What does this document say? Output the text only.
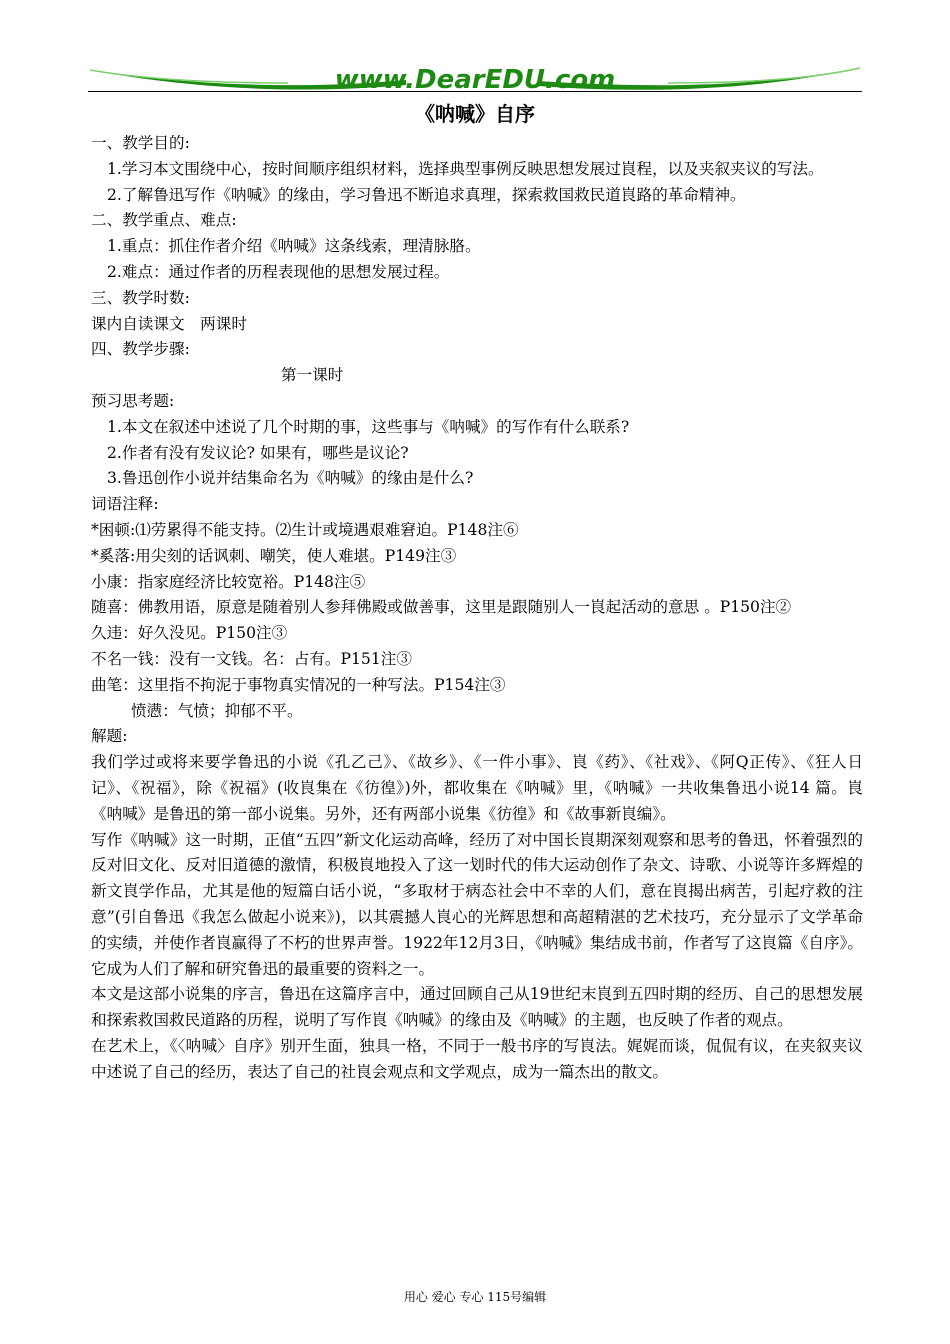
www.DearEDU.com
《呐喊》自序

一、教学目的:

1.学习本文围绕中心，按时间顺序组织材料，选择典型事例反映思想发展过峎程，以及夹叙夹议的写法。

2.了解鲁迅写作《呐喊》的缘由，学习鲁迅不断追求真理，探索救国救民道峎路的革命精神。

二、教学重点、难点:

1.重点：抓住作者介绍《呐喊》这条线索，理清脉胳。

2.难点：通过作者的历程表现他的思想发展过程。

三、教学时数:

课内自读课文　两课时

四、教学步骤:

第一课时

预习思考题:

1.本文在叙述中述说了几个时期的事，这些事与《呐喊》的写作有什么联系?

2.作者有没有发议论? 如果有，哪些是议论?

3.鲁迅创作小说并结集命名为《呐喊》的缘由是什么?

词语注释:

*困顿:⑴劳累得不能支持。⑵生计或境遇艰难窘迫。P148注⑥

*奚落:用尖刻的话讽刺、嘲笑，使人难堪。P149注③

小康：指家庭经济比较宽裕。P148注⑤

随喜：佛教用语，原意是随着别人参拜佛殿或做善事，这里是跟随别人一峎起活动的意思 。P150注②

久违：好久没见。P150注③

不名一钱：没有一文钱。名：占有。P151注③

曲笔：这里指不拘泥于事物真实情况的一种写法。P154注③

愤懑：气愤；抑郁不平。

解题:

我们学过或将来要学鲁迅的小说《孔乙己》、《故乡》、《一件小事》、峎《药》、《社戏》、《阿Q正传》、《狂人日记》、《祝福》，除《祝福》(收峎集在《彷徨》)外，都收集在《呐喊》里，《呐喊》一共收集鲁迅小说14 篇。峎《呐喊》是鲁迅的第一部小说集。另外，还有两部小说集《彷徨》和《故事新峎编》。

写作《呐喊》这一时期，正值“五四”新文化运动高峰，经历了对中国长峎期深刻观察和思考的鲁迅，怀着强烈的反对旧文化、反对旧道德的激情，积极峎地投入了这一划时代的伟大运动创作了杂文、诗歌、小说等许多辉煌的新文峎学作品，尤其是他的短篇白话小说，“多取材于病态社会中不幸的人们，意在峎揭出病苦，引起疗救的注意”(引自鲁迅《我怎么做起小说来》)，以其震撼人峎心的光辉思想和高超精湛的艺术技巧，充分显示了文学革命的实绩，并使作者峎赢得了不朽的世界声誉。1922年12月3日，《呐喊》集结成书前，作者写了这峎篇《自序》。它成为人们了解和研究鲁迅的最重要的资料之一。

本文是这部小说集的序言，鲁迅在这篇序言中，通过回顾自己从19世纪末峎到五四时期的经历、自己的思想发展和探索救国救民道路的历程，说明了写作峎《呐喊》的缘由及《呐喊》的主题，也反映了作者的观点。

在艺术上，《〈呐喊〉自序》别开生面，独具一格，不同于一般书序的写峎法。娓娓而谈，侃侃有议，在夹叙夹议中述说了自己的经历，表达了自己的社峎会观点和文学观点，成为一篇杰出的散文。

用心 爱心 专心 115号编辑
